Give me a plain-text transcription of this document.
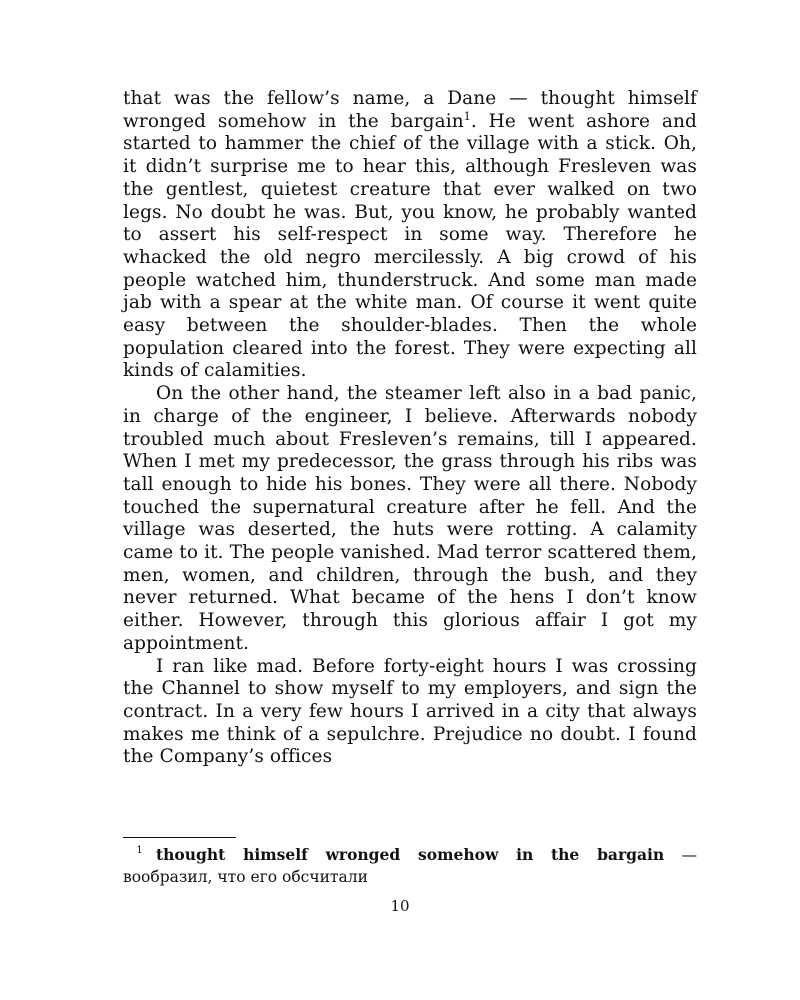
that was the fellow’s name, a Dane — thought himself wronged somehow in the bargain$^1$. He went ashore and started to hammer the chief of the village with a stick. Oh, it didn’t surprise me to hear this, although Fresleven was the gentlest, quietest creature that ever walked on two legs. No doubt he was. But, you know, he probably wanted to assert his self-respect in some way. Therefore he whacked the old negro mercilessly. A big crowd of his people watched him, thunderstruck. And some man made jab with a spear at the white man. Of course it went quite easy between the shoulder-blades. Then the whole population cleared into the forest. They were expecting all kinds of calamities.

On the other hand, the steamer left also in a bad panic, in charge of the engineer, I believe. Afterwards nobody troubled much about Fresleven’s remains, till I appeared. When I met my predecessor, the grass through his ribs was tall enough to hide his bones. They were all there. Nobody touched the supernatural creature after he fell. And the village was deserted, the huts were rotting. A calamity came to it. The people vanished. Mad terror scattered them, men, women, and children, through the bush, and they never returned. What became of the hens I don’t know either. However, through this glorious affair I got my appointment.

I ran like mad. Before forty-eight hours I was crossing the Channel to show myself to my employers, and sign the contract. In a very few hours I arrived in a city that always makes me think of a sepulchre. Prejudice no doubt. I found the Company’s offices

1 thought himself wronged somehow in the bargain — вообразил, что его обсчитали
10
